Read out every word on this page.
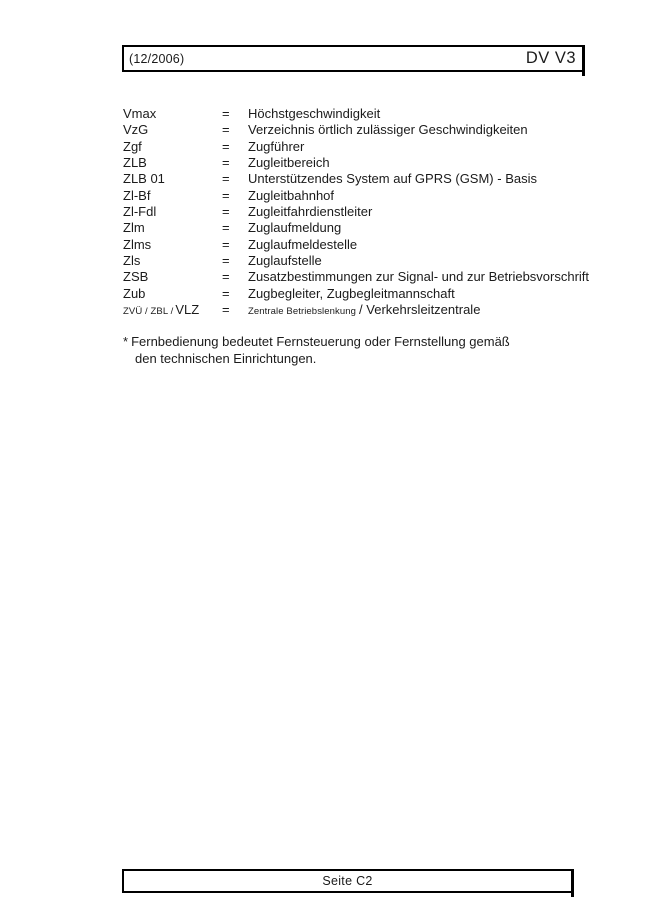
(12/2006)	DV V3
Vmax	=	Höchstgeschwindigkeit
VzG	=	Verzeichnis örtlich zulässiger Geschwindigkeiten
Zgf	=	Zugführer
ZLB	=	Zugleitbereich
ZLB 01	=	Unterstützendes System auf GPRS (GSM) - Basis
Zl-Bf	=	Zugleitbahnhof
Zl-Fdl	=	Zugleitfahrdienstleiter
Zlm	=	Zuglaufmeldung
Zlms	=	Zuglaufmeldestelle
Zls	=	Zuglaufstelle
ZSB	=	Zusatzbestimmungen zur Signal- und zur Betriebsvorschrift
Zub	=	Zugbegleiter, Zugbegleitmannschaft
ZVÜ / ZBL / VLZ	=	Zentrale Betriebslenkung / Verkehrsleitzentrale
* Fernbedienung bedeutet Fernsteuerung oder Fernstellung gemäß
den technischen Einrichtungen.
Seite C2
